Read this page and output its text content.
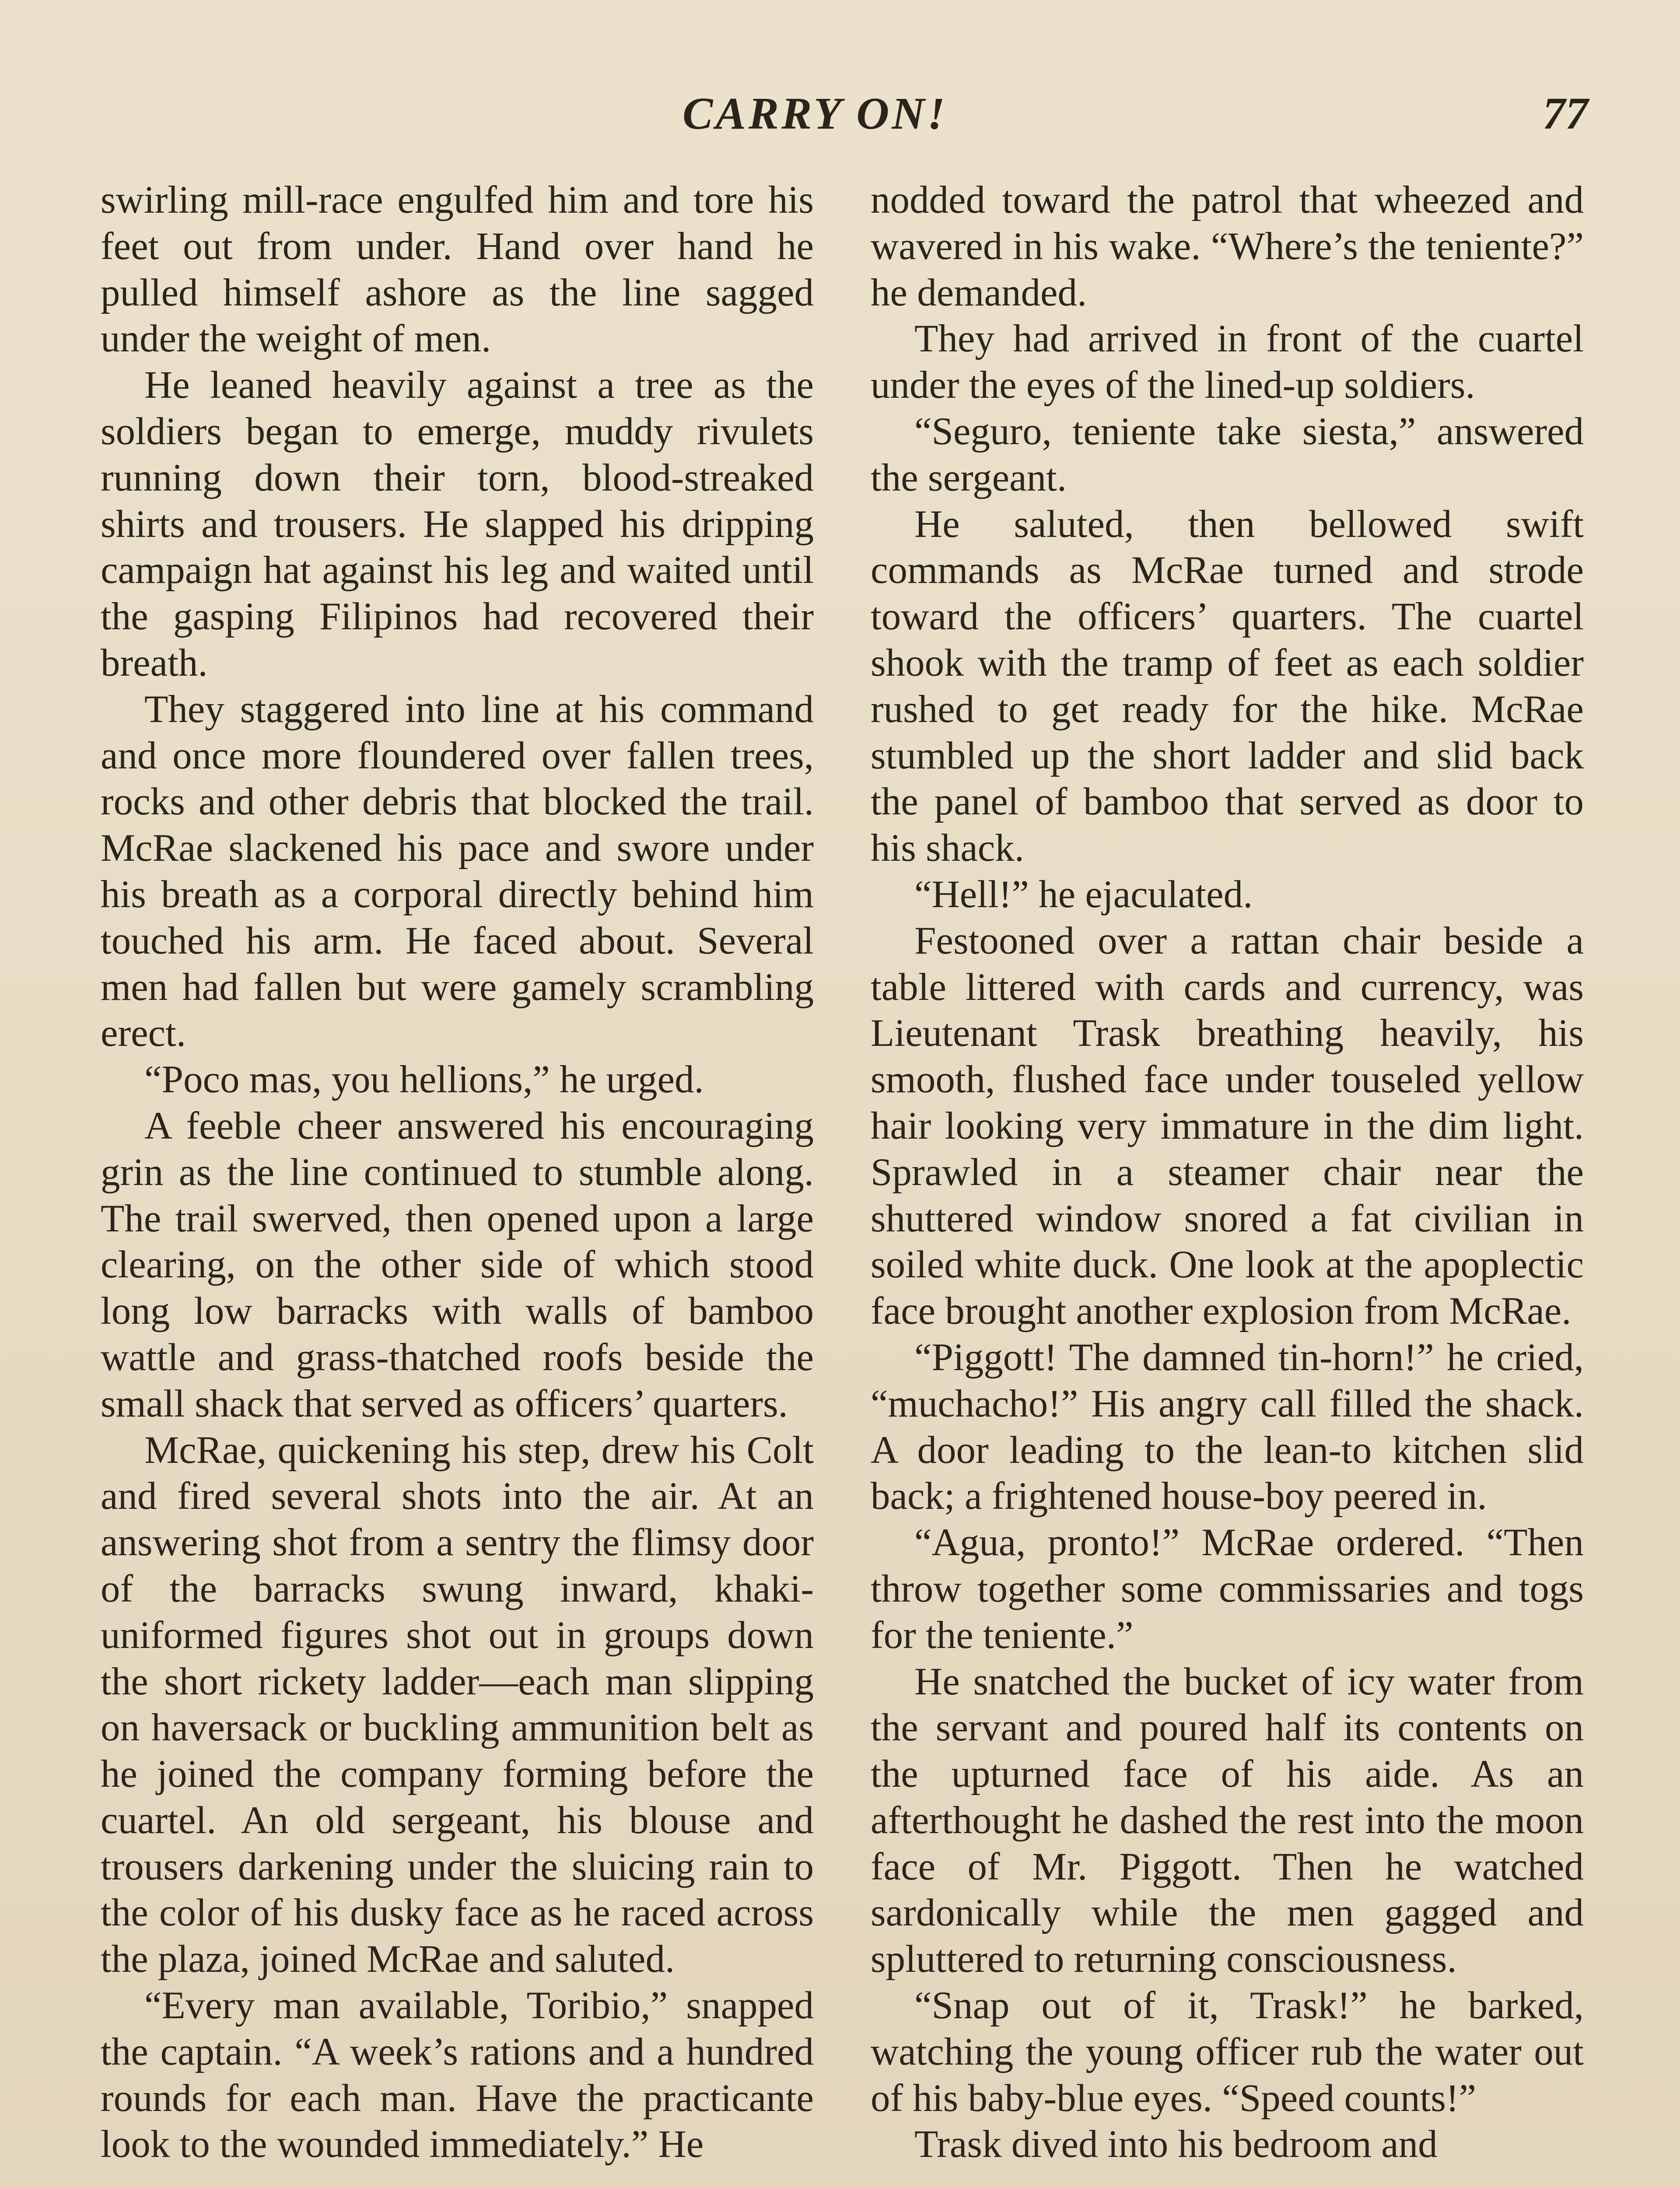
CARRY ON!	77

swirling mill-race engulfed him and tore his feet out from under. Hand over hand he pulled himself ashore as the line sagged under the weight of men.

He leaned heavily against a tree as the soldiers began to emerge, muddy rivulets running down their torn, blood-streaked shirts and trousers. He slapped his dripping campaign hat against his leg and waited until the gasping Filipinos had recovered their breath.

They staggered into line at his command and once more floundered over fallen trees, rocks and other debris that blocked the trail. McRae slackened his pace and swore under his breath as a corporal directly behind him touched his arm. He faced about. Several men had fallen but were gamely scrambling erect.

“Poco mas, you hellions,” he urged.

A feeble cheer answered his encouraging grin as the line continued to stumble along. The trail swerved, then opened upon a large clearing, on the other side of which stood long low barracks with walls of bamboo wattle and grass-thatched roofs beside the small shack that served as officers’ quarters.

McRae, quickening his step, drew his Colt and fired several shots into the air. At an answering shot from a sentry the flimsy door of the barracks swung inward, khaki-uniformed figures shot out in groups down the short rickety ladder—each man slipping on haversack or buckling ammunition belt as he joined the company forming before the cuartel. An old sergeant, his blouse and trousers darkening under the sluicing rain to the color of his dusky face as he raced across the plaza, joined McRae and saluted.

“Every man available, Toribio,” snapped the captain. “A week’s rations and a hundred rounds for each man. Have the practicante look to the wounded immediately.” He

nodded toward the patrol that wheezed and wavered in his wake. “Where’s the teniente?” he demanded.

They had arrived in front of the cuartel under the eyes of the lined-up soldiers.

“Seguro, teniente take siesta,” answered the sergeant.

He saluted, then bellowed swift commands as McRae turned and strode toward the officers’ quarters. The cuartel shook with the tramp of feet as each soldier rushed to get ready for the hike. McRae stumbled up the short ladder and slid back the panel of bamboo that served as door to his shack.

“Hell!” he ejaculated.

Festooned over a rattan chair beside a table littered with cards and currency, was Lieutenant Trask breathing heavily, his smooth, flushed face under touseled yellow hair looking very immature in the dim light. Sprawled in a steamer chair near the shuttered window snored a fat civilian in soiled white duck. One look at the apoplectic face brought another explosion from McRae.

“Piggott! The damned tin-horn!” he cried, “muchacho!” His angry call filled the shack. A door leading to the lean-to kitchen slid back; a frightened house-boy peered in.

“Agua, pronto!” McRae ordered. “Then throw together some commissaries and togs for the teniente.”

He snatched the bucket of icy water from the servant and poured half its contents on the upturned face of his aide. As an afterthought he dashed the rest into the moon face of Mr. Piggott. Then he watched sardonically while the men gagged and spluttered to returning consciousness.

“Snap out of it, Trask!” he barked, watching the young officer rub the water out of his baby-blue eyes. “Speed counts!”

Trask dived into his bedroom and
